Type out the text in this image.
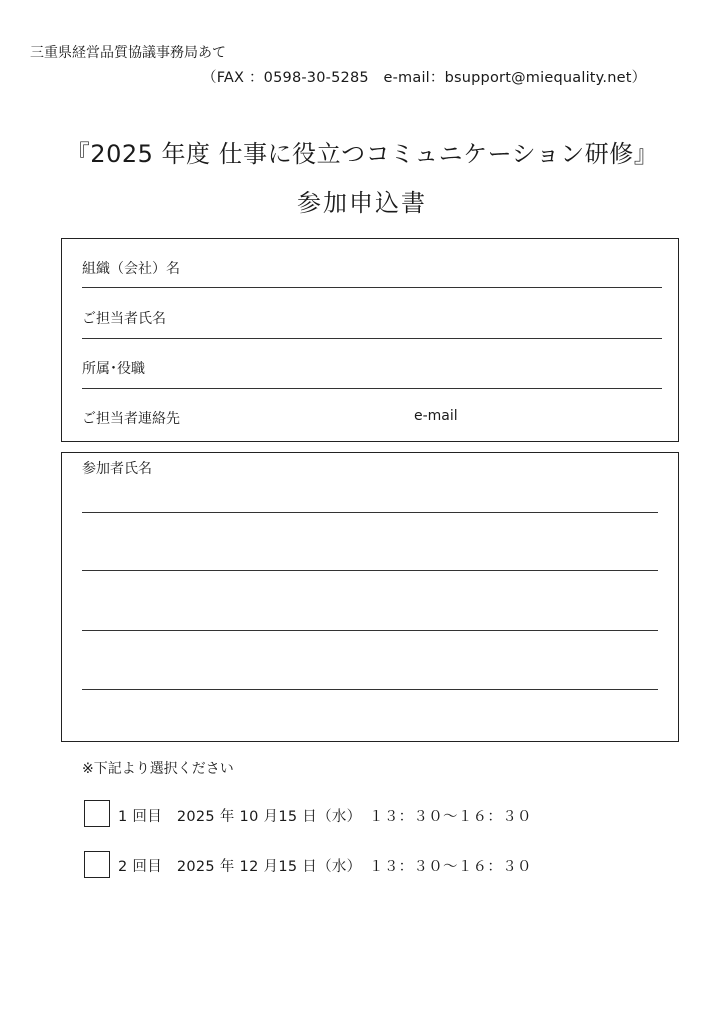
三重県経営品質協議事務局あて
（FAX ：0598-30-5285　e-mail：bsupport@miequality.net）
『2025 年度 仕事に役立つコミュニケーション研修』
参加申込書
組織（会社）名
ご担当者氏名
所属･役職
ご担当者連絡先	e-mail
参加者氏名
※下記より選択ください
1 回目　2025 年 10 月15 日（水）　１３：３０～１６：３０
2 回目　2025 年 12 月15 日（水）　１３：３０～１６：３０
